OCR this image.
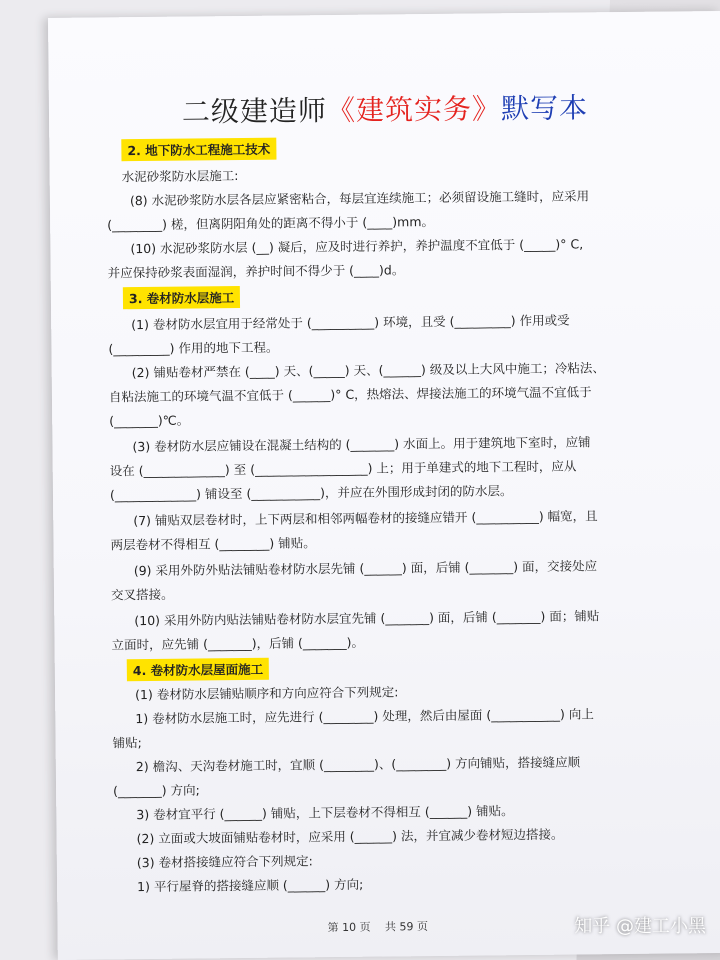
二级建造师《建筑实务》默写本
2. 地下防水工程施工技术
水泥砂浆防水层施工:
(8) 水泥砂浆防水层各层应紧密粘合，每层宜连续施工；必须留设施工缝时，应采用
(________) 槎，但离阴阳角处的距离不得小于 (____)mm。
(10) 水泥砂浆防水层 (__) 凝后，应及时进行养护，养护温度不宜低于 (_____)° C,
并应保持砂浆表面湿润，养护时间不得少于 (____)d。
3. 卷材防水层施工
(1) 卷材防水层宜用于经常处于 (__________) 环境，且受 (_________) 作用或受
(_________) 作用的地下工程。
(2) 铺贴卷材严禁在 (____) 天、(_____) 天、(______) 级及以上大风中施工；冷粘法、
自粘法施工的环境气温不宜低于 (______)° C，热熔法、焊接法施工的环境气温不宜低于
(_______)℃。
(3) 卷材防水层应铺设在混凝土结构的 (_______) 水面上。用于建筑地下室时，应铺
设在 (_____________) 至 (__________________) 上；用于单建式的地下工程时，应从
(_____________) 铺设至 (___________)，并应在外围形成封闭的防水层。
(7) 铺贴双层卷材时，上下两层和相邻两幅卷材的接缝应错开 (__________) 幅宽，且
两层卷材不得相互 (________) 铺贴。
(9) 采用外防外贴法铺贴卷材防水层先铺 (______) 面，后铺 (_______) 面，交接处应
交叉搭接。
(10) 采用外防内贴法铺贴卷材防水层宜先铺 (_______) 面，后铺 (_______) 面；铺贴
立面时，应先铺 (_______)，后铺 (_______)。
4. 卷材防水层屋面施工
(1) 卷材防水层铺贴顺序和方向应符合下列规定:
1) 卷材防水层施工时，应先进行 (________) 处理，然后由屋面 (___________) 向上
铺贴;
2) 檐沟、天沟卷材施工时，宜顺 (________)、(________) 方向铺贴，搭接缝应顺
(_______) 方向;
3) 卷材宜平行 (______) 铺贴，上下层卷材不得相互 (______) 铺贴。
(2) 立面或大坡面铺贴卷材时，应采用 (______) 法，并宜减少卷材短边搭接。
(3) 卷材搭接缝应符合下列规定:
1) 平行屋脊的搭接缝应顺 (______) 方向;
第 10 页　 共 59 页	知乎 @建工小黑
